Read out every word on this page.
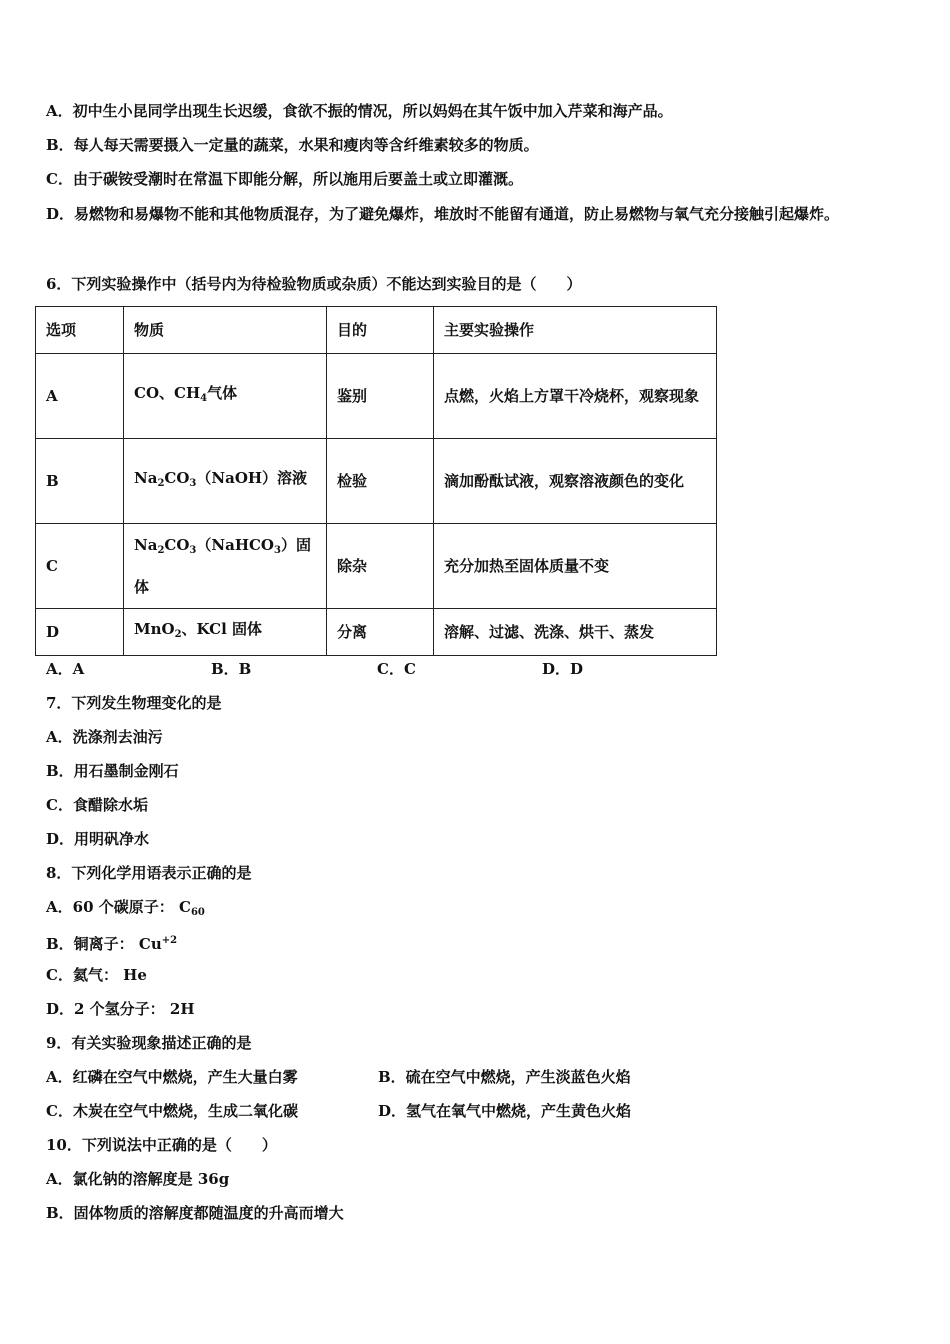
A．初中生小昆同学出现生长迟缓，食欲不振的情况，所以妈妈在其午饭中加入芹菜和海产品。
B．每人每天需要摄入一定量的蔬菜，水果和瘦肉等含纤维素较多的物质。
C．由于碳铵受潮时在常温下即能分解，所以施用后要盖土或立即灌溉。
D．易燃物和易爆物不能和其他物质混存，为了避免爆炸，堆放时不能留有通道，防止易燃物与氧气充分接触引起爆炸。
6．下列实验操作中（括号内为待检验物质或杂质）不能达到实验目的是（　　）
选项	物质	目的	主要实验操作
A	CO、$CH_4$气体	鉴别	点燃，火焰上方罩干冷烧杯，观察现象
B	$Na_2CO_3(NaOH)$溶液	检验	滴加酚酞试液，观察溶液颜色的变化
C	$Na_2CO_3(NaHCO_3)$固体	除杂	充分加热至固体质量不变
D	MnO$_2$、KCl 固体	分离	溶解、过滤、洗涤、烘干、蒸发
A．A	B．B	C．C	D．D
7．下列发生物理变化的是
A．洗涤剂去油污
B．用石墨制金刚石
C．食醋除水垢
D．用明矾净水
8．下列化学用语表示正确的是
A．60 个碳原子： $C_{60}$
B．铜离子： $Cu^{+2}$
C．氦气： He
D．2 个氢分子： 2H
9．有关实验现象描述正确的是
A．红磷在空气中燃烧，产生大量白雾	B．硫在空气中燃烧，产生淡蓝色火焰
C．木炭在空气中燃烧，生成二氧化碳	D．氢气在氧气中燃烧，产生黄色火焰
10．下列说法中正确的是（　　）
A．氯化钠的溶解度是 36g
B．固体物质的溶解度都随温度的升高而增大
